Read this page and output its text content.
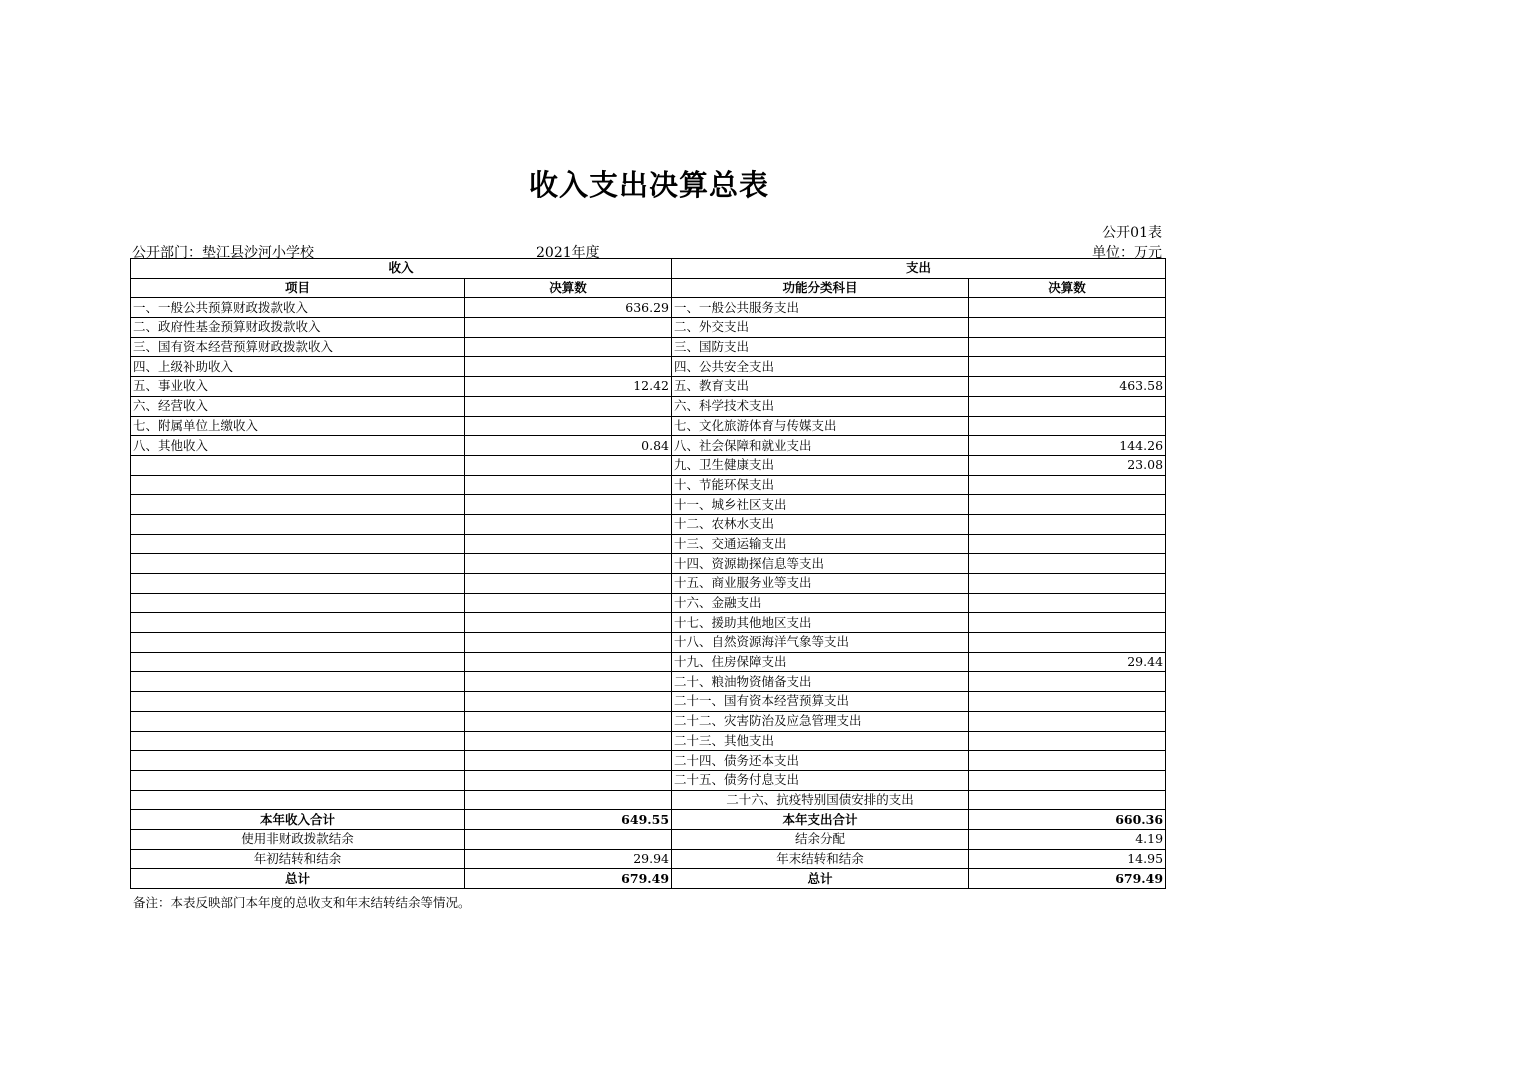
收入支出决算总表
公开01表
公开部门：垫江县沙河小学校	2021年度	单位：万元
收入		支出	
项目	决算数	功能分类科目	决算数
一、一般公共预算财政拨款收入	636.29	一、一般公共服务支出	
二、政府性基金预算财政拨款收入		二、外交支出	
三、国有资本经营预算财政拨款收入		三、国防支出	
四、上级补助收入		四、公共安全支出	
五、事业收入	12.42	五、教育支出	463.58
六、经营收入		六、科学技术支出	
七、附属单位上缴收入		七、文化旅游体育与传媒支出	
八、其他收入	0.84	八、社会保障和就业支出	144.26
		九、卫生健康支出	23.08
		十、节能环保支出	
		十一、城乡社区支出	
		十二、农林水支出	
		十三、交通运输支出	
		十四、资源勘探信息等支出	
		十五、商业服务业等支出	
		十六、金融支出	
		十七、援助其他地区支出	
		十八、自然资源海洋气象等支出	
		十九、住房保障支出	29.44
		二十、粮油物资储备支出	
		二十一、国有资本经营预算支出	
		二十二、灾害防治及应急管理支出	
		二十三、其他支出	
		二十四、债务还本支出	
		二十五、债务付息支出	
		二十六、抗疫特别国债安排的支出	
本年收入合计	649.55	本年支出合计	660.36
使用非财政拨款结余		结余分配	4.19
年初结转和结余	29.94	年末结转和结余	14.95
总计	679.49	总计	679.49
备注：本表反映部门本年度的总收支和年末结转结余等情况。
